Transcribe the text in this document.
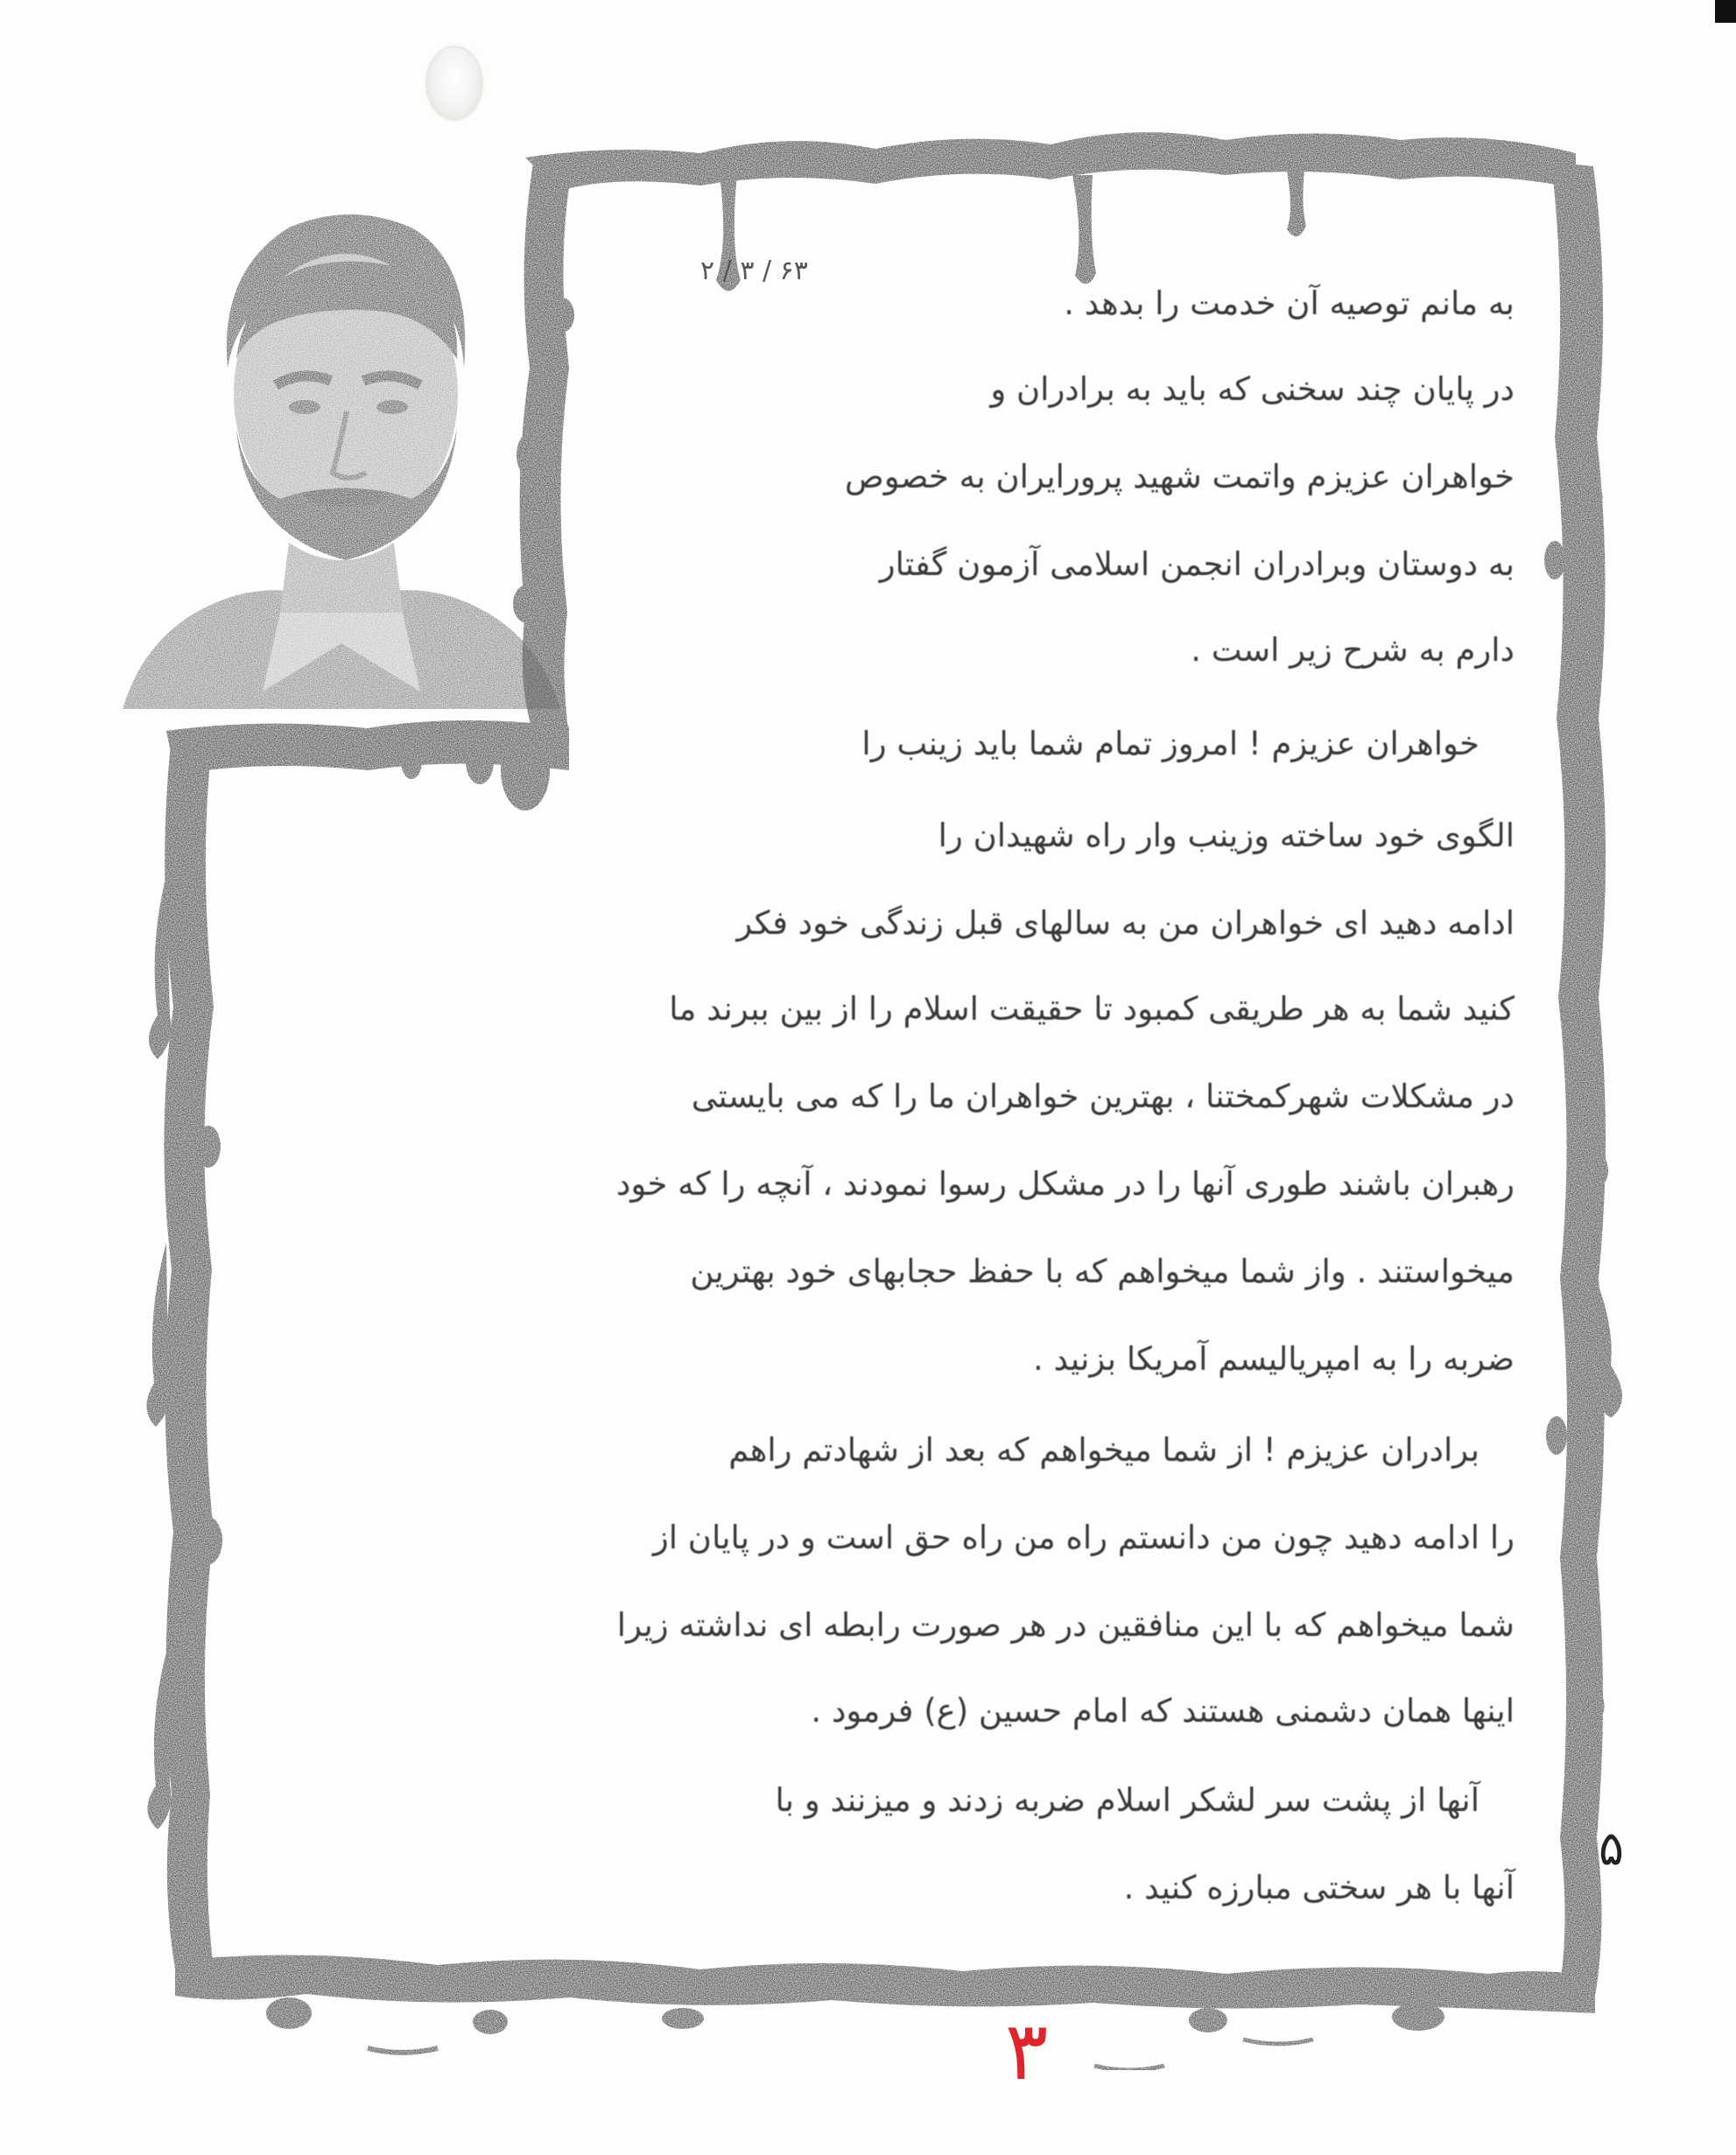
۶۳ / ۳ / ۲
به مانم توصیه آن خدمت را بدهد .
در پایان چند سخنی که باید به برادران و
خواهران عزیزم واتمت شهید پرورایران به خصوص
به دوستان وبرادران انجمن اسلامی آزمون گفتار
دارم به شرح زیر است .
خواهران عزیزم ! امروز تمام شما باید زینب را
الگوی خود ساخته وزینب وار راه شهیدان را
ادامه دهید ای خواهران من به سالهای قبل زندگی خود فکر
کنید شما به هر طریقی کمبود تا حقیقت اسلام را از بین ببرند ما
در مشکلات شهرکمختنا ، بهترین خواهران ما را که می بایستی
رهبران باشند طوری آنها را در مشکل رسوا نمودند ، آنچه را که خود
میخواستند . واز شما میخواهم که با حفظ حجابهای خود بهترین
ضربه را به امپریالیسم آمریکا بزنید .
برادران عزیزم ! از شما میخواهم که بعد از شهادتم راهم
را ادامه دهید چون من دانستم راه من راه حق است و در پایان از
شما میخواهم که با این منافقین در هر صورت رابطه ای نداشته زیرا
اینها همان دشمنی هستند که امام حسین (ع) فرمود .
آنها از پشت سر لشکر اسلام ضربه زدند و میزنند و با
آنها با هر سختی مبارزه کنید .
۵
۳
